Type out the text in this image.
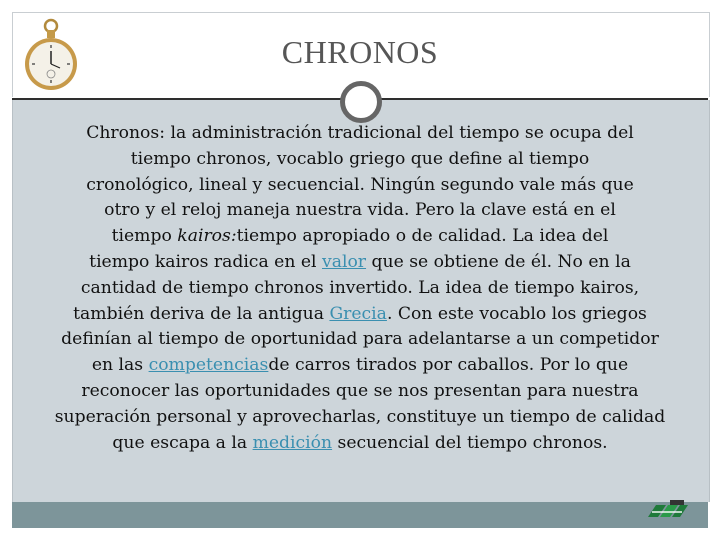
CHRONOS
Chronos: la administración tradicional del tiempo se ocupa del
tiempo chronos, vocablo griego que define al tiempo
cronológico, lineal y secuencial. Ningún segundo vale más que
otro y el reloj maneja nuestra vida. Pero la clave está en el
tiempo kairos:tiempo apropiado o de calidad. La idea del
tiempo kairos radica en el valor que se obtiene de él. No en la
cantidad de tiempo chronos invertido. La idea de tiempo kairos,
también deriva de la antigua Grecia. Con este vocablo los griegos
definían al tiempo de oportunidad para adelantarse a un competidor
en las competenciasde carros tirados por caballos. Por lo que
reconocer las oportunidades que se nos presentan para nuestra
superación personal y aprovecharlas, constituye un tiempo de calidad
que escapa a la medición secuencial del tiempo chronos.
